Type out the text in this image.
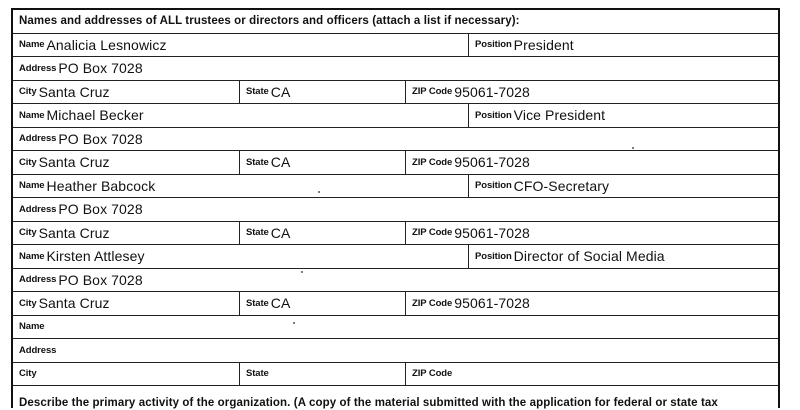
Names and addresses of ALL trustees or directors and officers (attach a list if necessary):
Name Analicia Lesnowicz	Position President
Address PO Box 7028
City Santa Cruz	State CA	ZIP Code 95061-7028
Name Michael Becker	Position Vice President
Address PO Box 7028
City Santa Cruz	State CA	ZIP Code 95061-7028
Name Heather Babcock	Position CFO-Secretary
Address PO Box 7028
City Santa Cruz	State CA	ZIP Code 95061-7028
Name Kirsten Attlesey	Position Director of Social Media
Address PO Box 7028
City Santa Cruz	State CA	ZIP Code 95061-7028
Name
Address
City	State	ZIP Code
Describe the primary activity of the organization. (A copy of the material submitted with the application for federal or state tax
